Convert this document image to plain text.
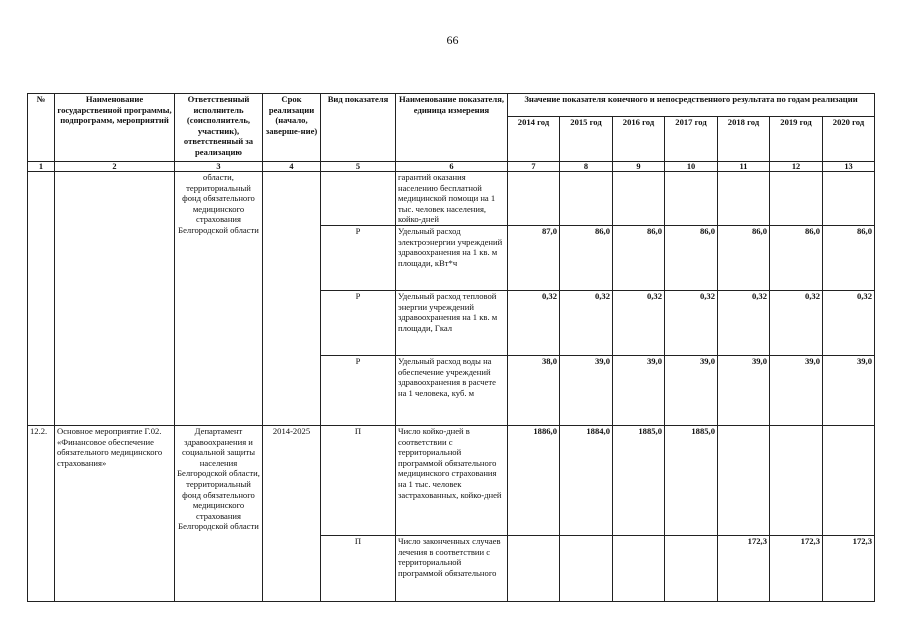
66
№	Наименование государственной программы, подпрограмм, мероприятий	Ответственный исполнитель (соисполнитель, участник), ответственный за реализацию	Срок реализации (начало, заверше-ние)	Вид показателя	Наименование показателя, единица измерения	Значение показателя конечного и непосредственного результата по годам реализации						
						2014 год	2015 год	2016 год	2017 год	2018 год	2019 год	2020 год
1	2	3	4	5	6	7	8	9	10	11	12	13
		области, территориальный фонд обязательного медицинского страхования Белгородской области			гарантий оказания населению бесплатной медицинской помощи на 1 тыс. человек населения, койко-дней							
				Р	Удельный расход электроэнергии учреждений здравоохранения на 1 кв. м площади, кВт*ч	87,0	86,0	86,0	86,0	86,0	86,0	86,0
				Р	Удельный расход тепловой энергии учреждений здравоохранения на 1 кв. м площади, Гкал	0,32	0,32	0,32	0,32	0,32	0,32	0,32
				Р	Удельный расход воды на обеспечение учреждений здравоохранения в расчете на 1 человека, куб. м	38,0	39,0	39,0	39,0	39,0	39,0	39,0
12.2.	Основное мероприятие Г.02. «Финансовое обеспечение обязательного медицинского страхования»	Департамент здравоохранения и социальной защиты населения Белгородской области, территориальный фонд обязательного медицинского страхования Белгородской области	2014-2025	П	Число койко-дней в соответствии с территориальной программой обязательного медицинского страхования на 1 тыс. человек застрахованных, койко-дней	1886,0	1884,0	1885,0	1885,0			
				П	Число законченных случаев лечения в соответствии с территориальной программой обязательного					172,3	172,3	172,3
